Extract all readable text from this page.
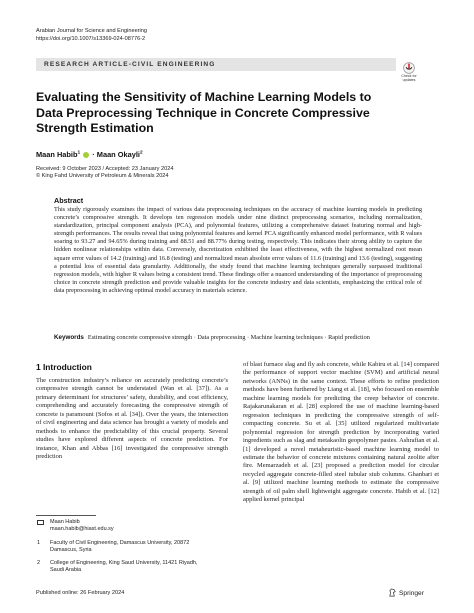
Arabian Journal for Science and Engineering
https://doi.org/10.1007/s13369-024-08776-2
RESEARCH ARTICLE-CIVIL ENGINEERING
Check for
updates
Evaluating the Sensitivity of Machine Learning Models to Data Preprocessing Technique in Concrete Compressive Strength Estimation
Maan Habib$^1$  · Maan Okayli$^2$
Received: 9 October 2023 / Accepted: 23 January 2024
© King Fahd University of Petroleum & Minerals 2024
Abstract
This study rigorously examines the impact of various data preprocessing techniques on the accuracy of machine learning models in predicting concrete’s compressive strength. It develops ten regression models under nine distinct preprocessing scenarios, including normalization, standardization, principal component analysis (PCA), and polynomial features, utilizing a comprehensive dataset featuring normal and high-strength performances. The results reveal that using polynomial features and kernel PCA significantly enhanced model performance, with R values soaring to 93.27 and 94.65% during training and 88.51 and 88.77% during testing, respectively. This indicates their strong ability to capture the hidden nonlinear relationships within data. Conversely, discretization exhibited the least effectiveness, with the highest normalized root mean square error values of 14.2 (training) and 16.8 (testing) and normalized mean absolute error values of 11.6 (training) and 13.6 (testing), suggesting a potential loss of essential data granularity. Additionally, the study found that machine learning techniques generally surpassed traditional regression models, with higher R values being a consistent trend. These findings offer a nuanced understanding of the importance of preprocessing choice in concrete strength prediction and provide valuable insights for the concrete industry and data scientists, emphasizing the critical role of data preprocessing in achieving optimal model accuracy in materials science.
Keywords Estimating concrete compressive strength · Data preprocessing · Machine learning techniques · Rapid prediction
1 Introduction
The construction industry’s reliance on accurately predicting concrete’s compressive strength cannot be understated (Wan et al. [37]). As a primary determinant for structures’ safety, durability, and cost efficiency, comprehending and accurately forecasting the compressive strength of concrete is paramount (Sofos et al. [34]). Over the years, the intersection of civil engineering and data science has brought a variety of models and methods to enhance the predictability of this crucial property. Several studies have explored different aspects of concrete prediction. For instance, Khan and Abbas [16] investigated the compressive strength prediction
of blast furnace slag and fly ash concrete, while Kabiru et al. [14] compared the performance of support vector machine (SVM) and artificial neural networks (ANNs) in the same context. These efforts to refine prediction methods have been furthered by Liang et al. [18], who focused on ensemble machine learning models for predicting the creep behavior of concrete. Rajakarunakaran et al. [28] explored the use of machine learning-based regression techniques in predicting the compressive strength of self-compacting concrete. Su et al. [35] utilized regularized multivariate polynomial regression for strength prediction by incorporating varied ingredients such as slag and metakaolin geopolymer pastes. Ashrafian et al. [1] developed a novel metaheuristic-based machine learning model to estimate the behavior of concrete mixtures containing natural zeolite after fire. Memarzadeh et al. [23] proposed a prediction model for circular recycled aggregate concrete-filled steel tubular stub columns. Ghanbari et al. [9] utilized machine learning methods to estimate the compressive strength of oil palm shell lightweight aggregate concrete. Habib et al. [12] applied kernel principal
Maan Habib
maan.habib@hiast.edu.sy
1	Faculty of Civil Engineering, Damascus University, 20872
Damascus, Syria
2	College of Engineering, King Saud University, 11421 Riyadh,
Saudi Arabia
Published online: 26 February 2024	Springer
